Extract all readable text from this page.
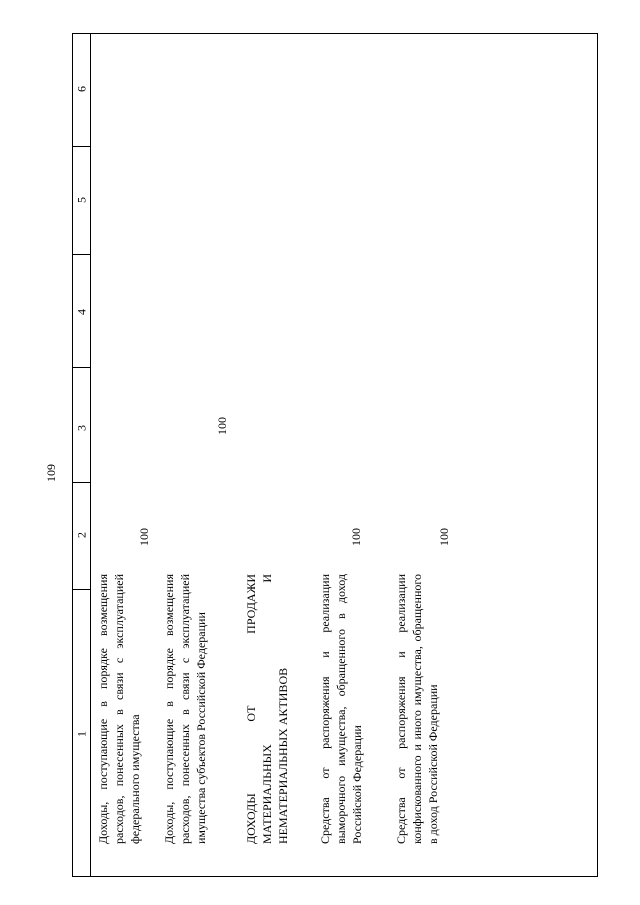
109
6
5
4
3
2
1 Доходы, поступающие в порядке возмещения расходов, понесенных в связи с эксплуатацией федерального имущества
100
Доходы, поступающие в порядке возмещения расходов, понесенных в связи с эксплуатацией имущества субъектов Российской Федерации
100
ДОХОДЫ ОТ ПРОДАЖИ МАТЕРИАЛЬНЫХ И НЕМАТЕРИАЛЬНЫХ АКТИВОВ Средства от распоряжения и реализации выморочного имущества, обращенного в доход Российской Федерации
100
Средства от распоряжения и реализации конфискованного и иного имущества, обращенного в доход Российской Федерации
100
